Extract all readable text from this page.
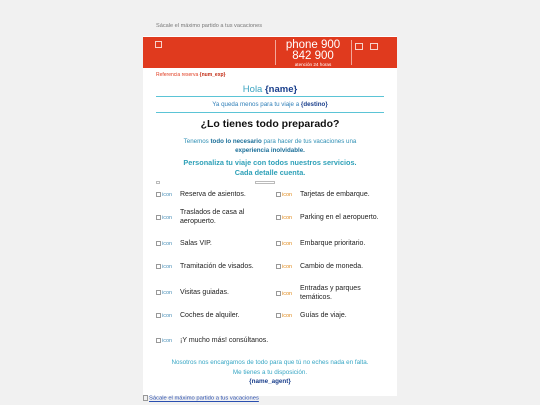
Sácale el máximo partido a tus vacaciones
phone 900 842 900
atención 24 horas

Referencia reserva {num_exp}
Hola {name}
Ya queda menos para tu viaje a {destino}
¿Lo tienes todo preparado?
Tenemos todo lo necesario para hacer de tus vacaciones una
experiencia inolvidable.
Personaliza tu viaje con todos nuestros servicios. Cada detalle cuenta.
icon	Reserva de asientos.
icon
Traslados de casa al aeropuerto.
icon	Salas VIP.
icon	Tramitación de visados.
icon	Visitas guiadas.
icon	Coches de alquiler.
icon	¡Y mucho más! consúltanos.
icon	Tarjetas de embarque.
icon	Parking en el aeropuerto.
icon	Embarque prioritario.
icon	Cambio de moneda.
icon
Entradas y parques temáticos.
icon	Guías de viaje.
Nosotros nos encargamos de todo para que tú no eches nada en falta.
Me tienes a tu disposición.
{name_agent}
Sácale el máximo partido a tus vacaciones
